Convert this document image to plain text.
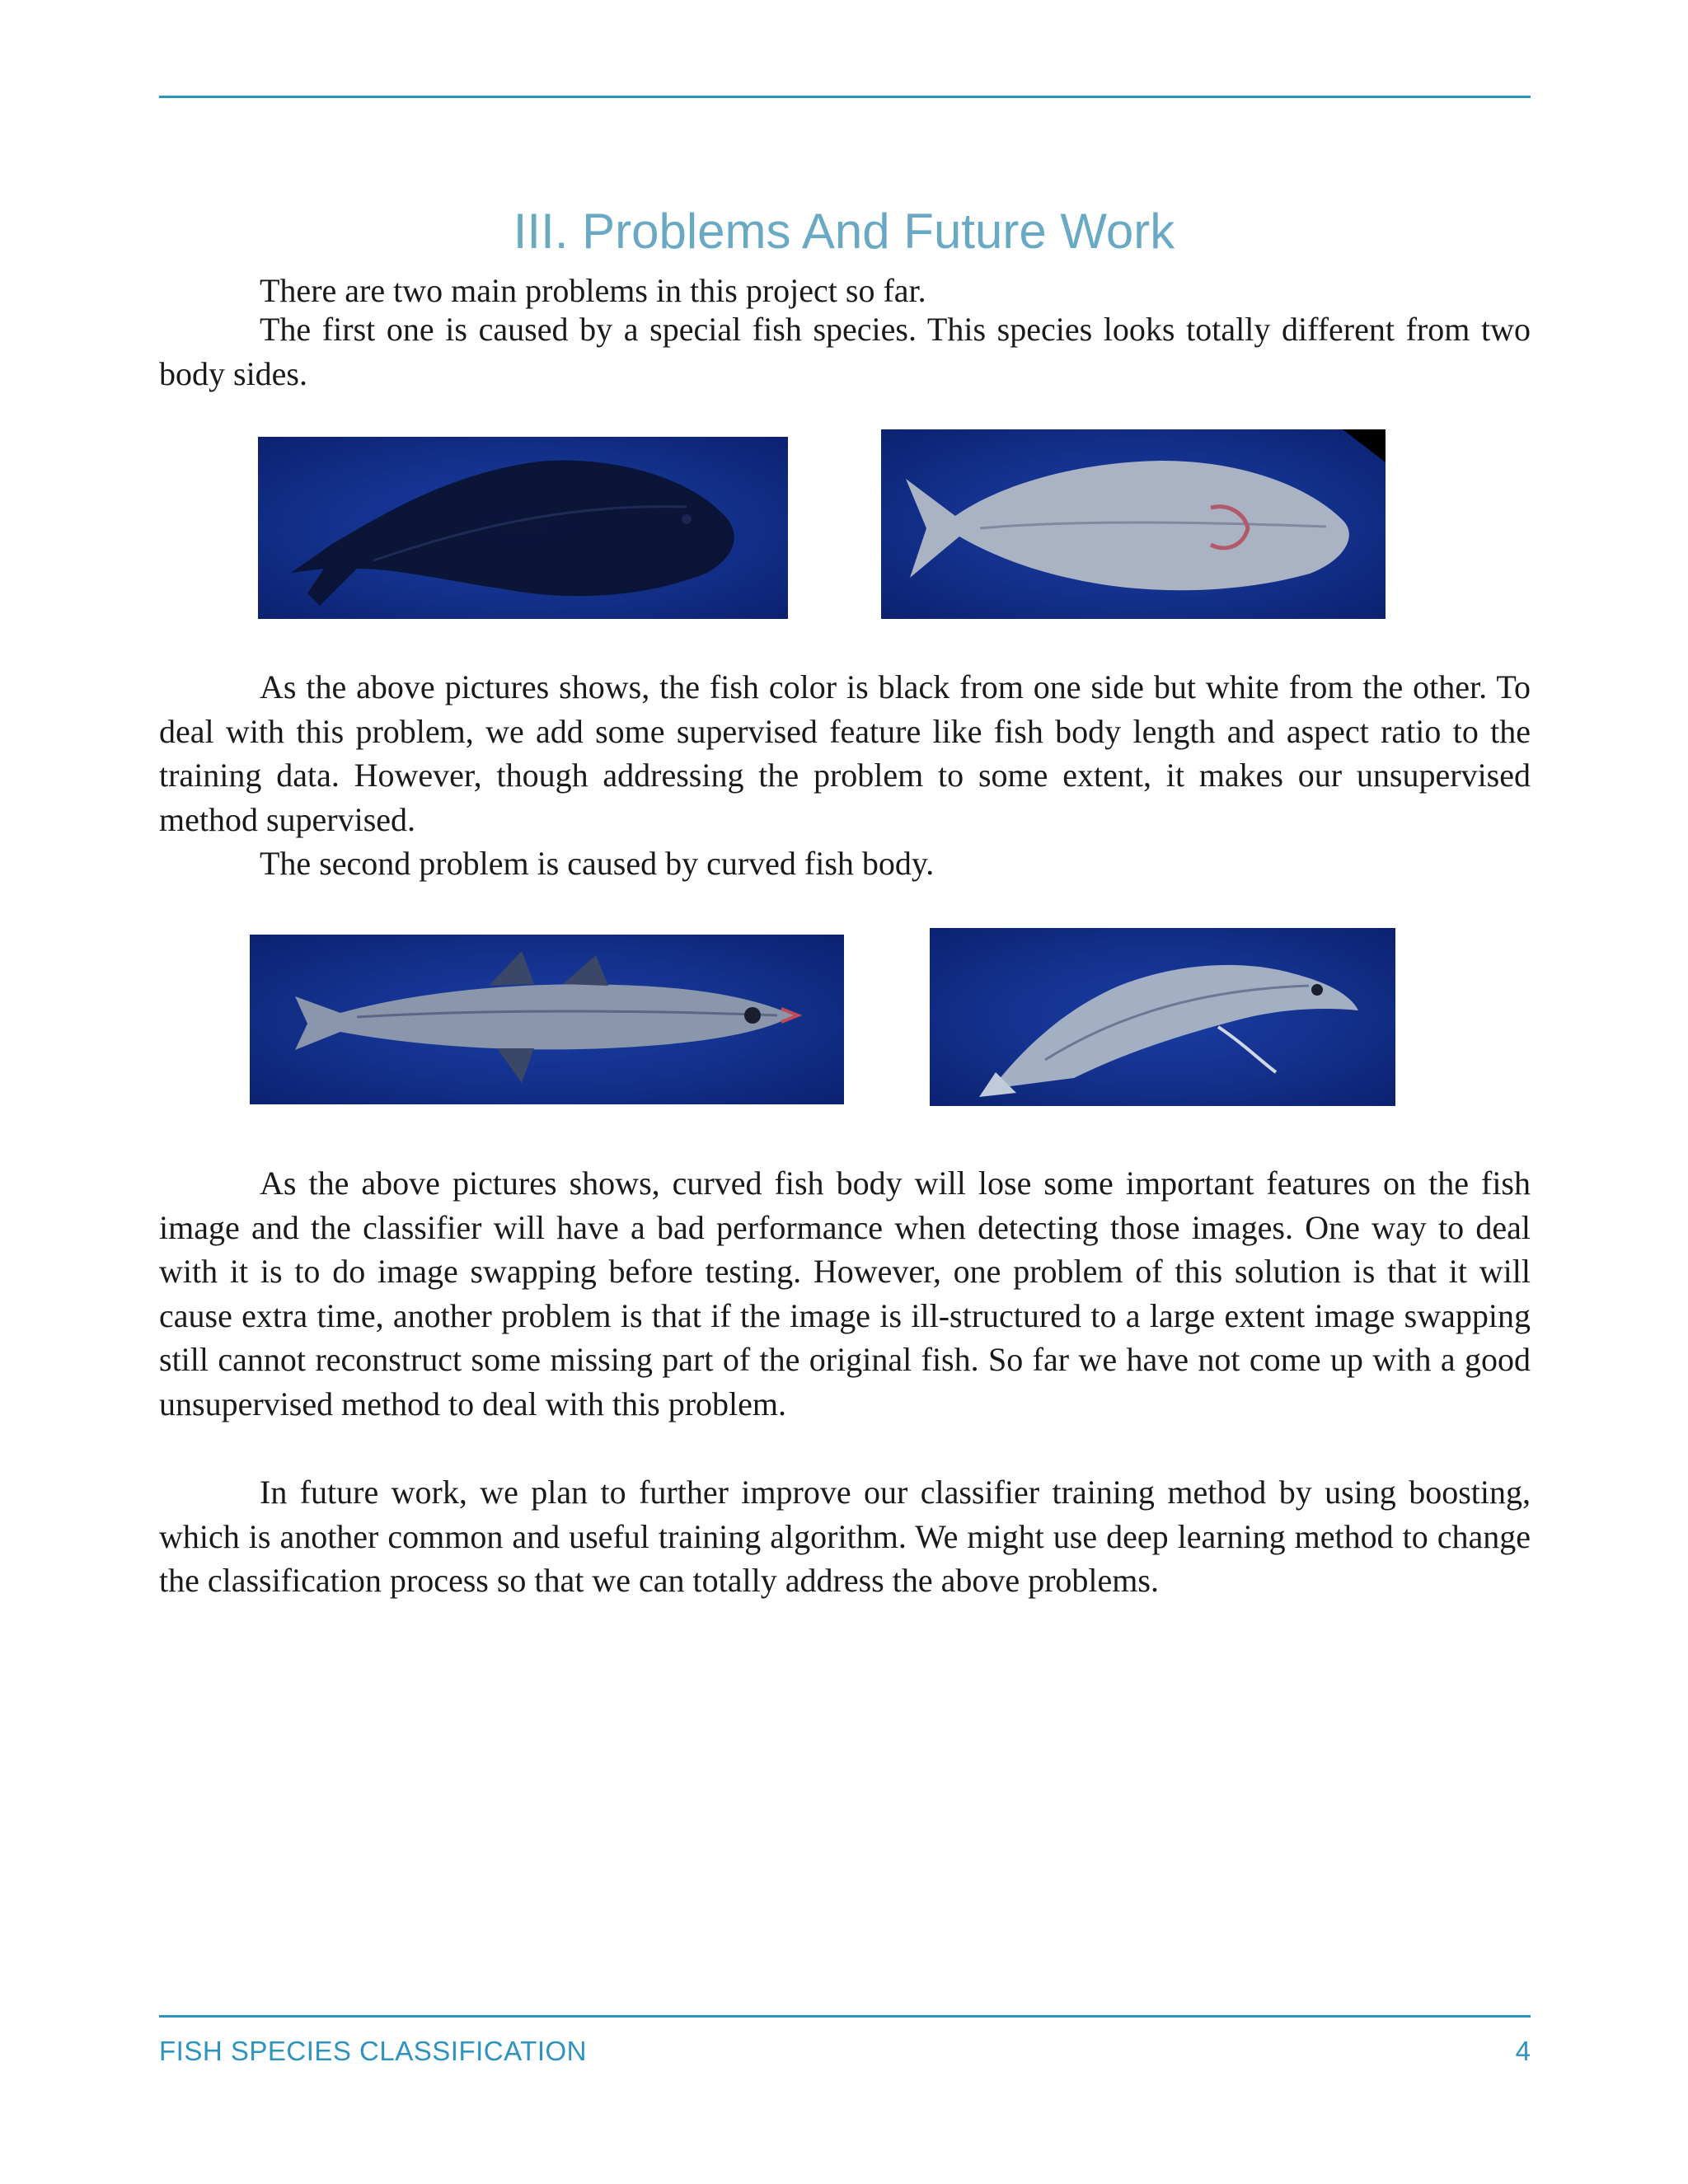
III. Problems And Future Work

There are two main problems in this project so far.

The first one is caused by a special fish species. This species looks totally different from two body sides.

As the above pictures shows, the fish color is black from one side but white from the other. To deal with this problem, we add some supervised feature like fish body length and aspect ratio to the training data. However, though addressing the problem to some extent, it makes our unsupervised method supervised.

The second problem is caused by curved fish body.

As the above pictures shows, curved fish body will lose some important features on the fish image and the classifier will have a bad performance when detecting those images. One way to deal with it is to do image swapping before testing. However, one problem of this solution is that it will cause extra time, another problem is that if the image is ill-structured to a large extent image swapping still cannot reconstruct some missing part of the original fish. So far we have not come up with a good unsupervised method to deal with this problem.

In future work, we plan to further improve our classifier training method by using boosting, which is another common and useful training algorithm. We might use deep learning method to change the classification process so that we can totally address the above problems.

FISH SPECIES CLASSIFICATION	4
